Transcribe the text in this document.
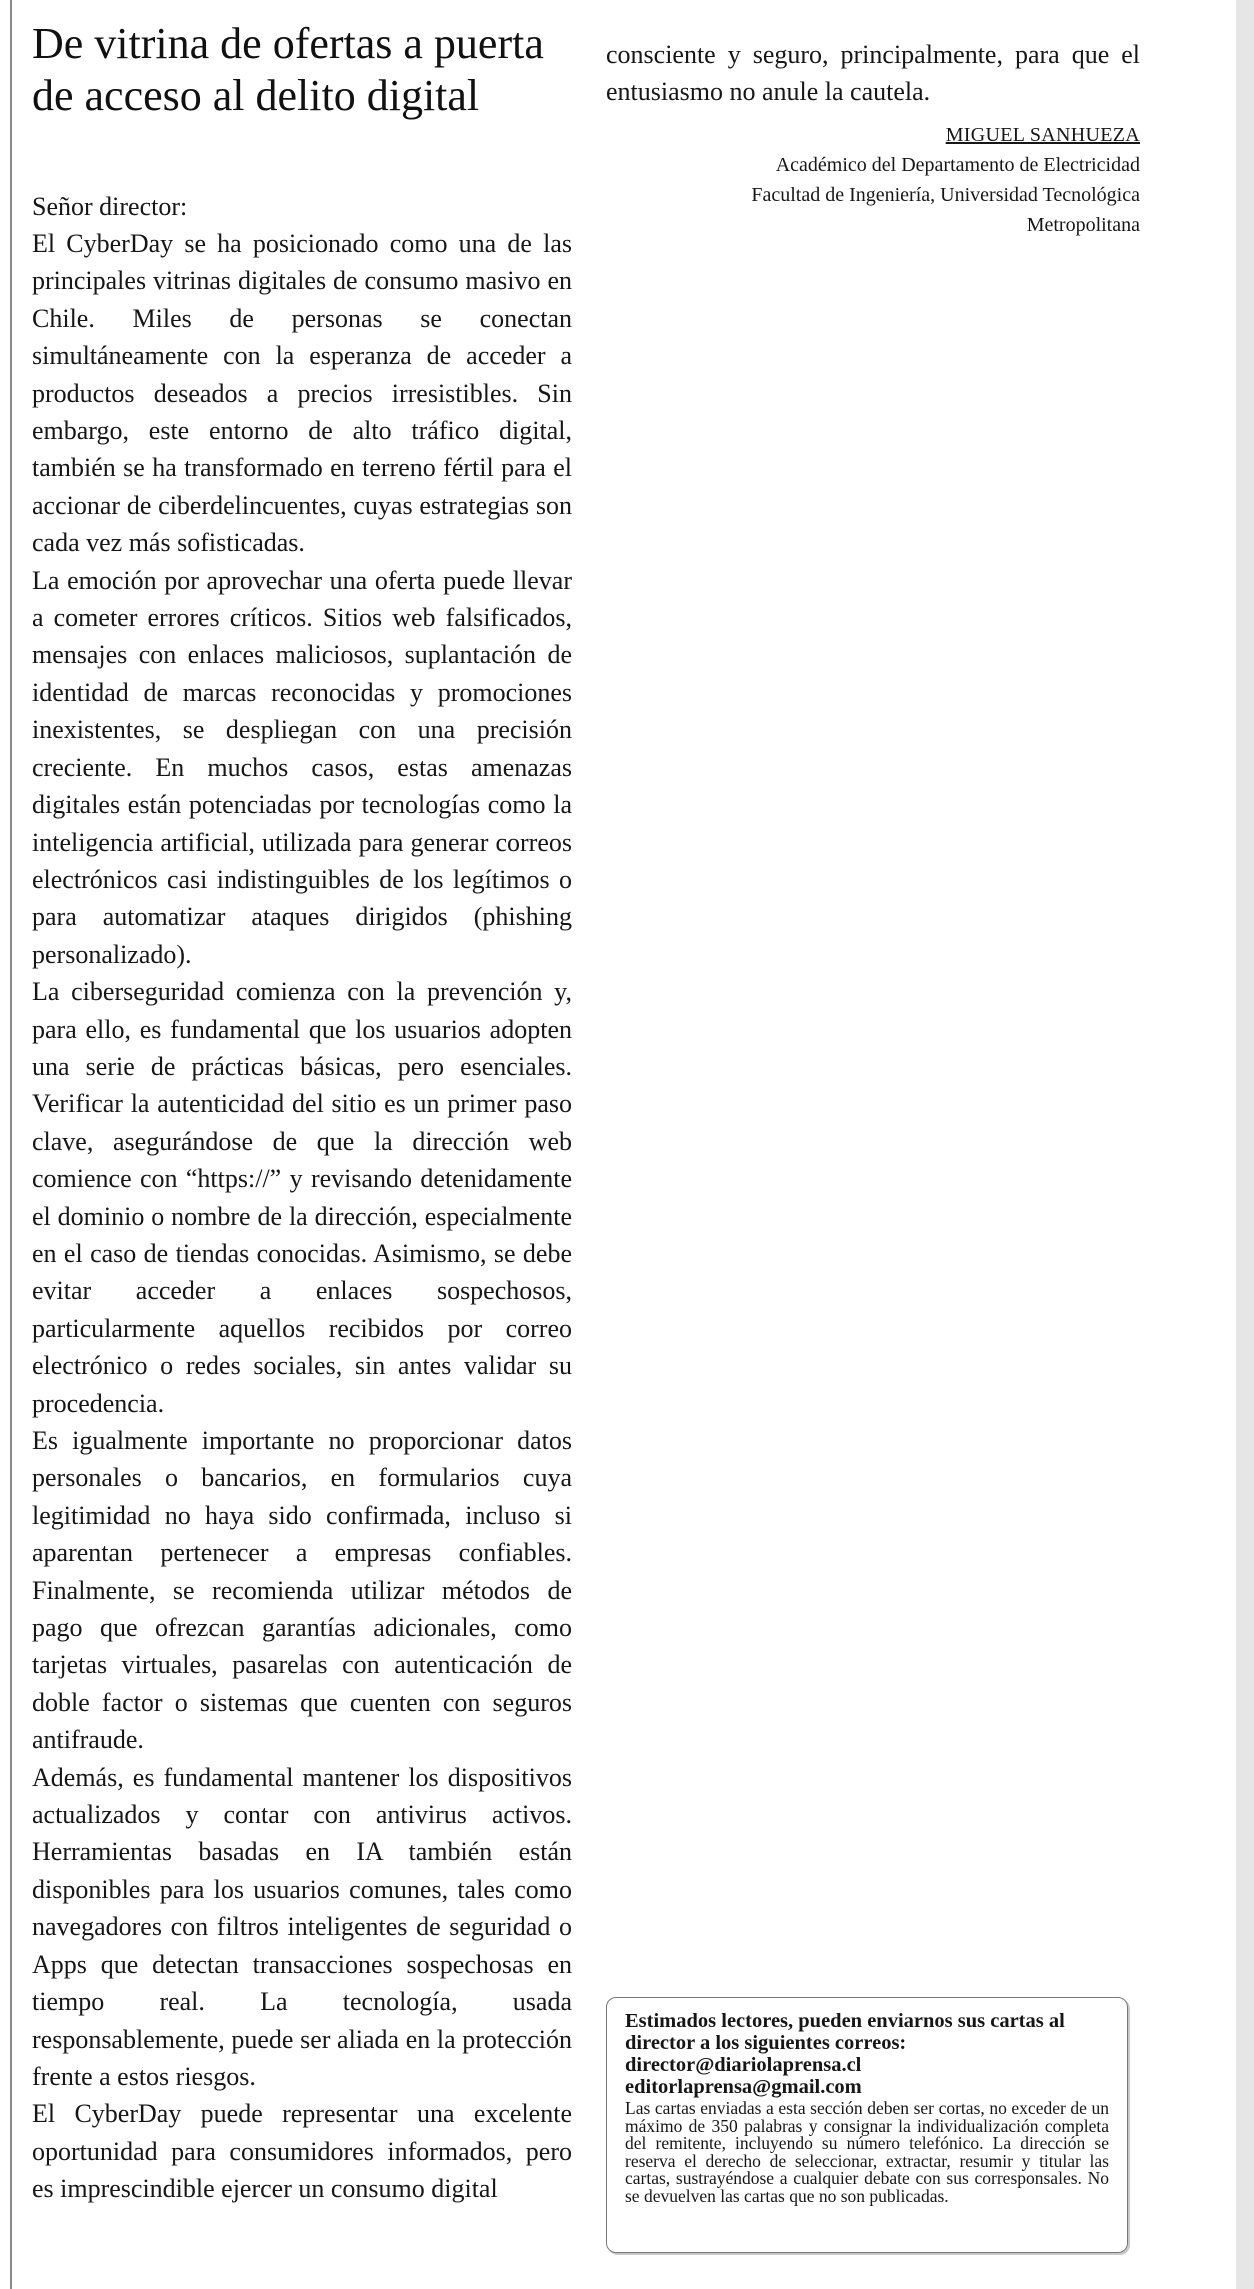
De vitrina de ofertas a puerta de acceso al delito digital

Señor director:

El CyberDay se ha posicionado como una de las principales vitrinas digitales de consumo masivo en Chile. Miles de personas se conectan simultáneamente con la esperanza de acceder a productos deseados a precios irresistibles. Sin embargo, este entorno de alto tráfico digital, también se ha transformado en terreno fértil para el accionar de ciberdelincuentes, cuyas estrategias son cada vez más sofisticadas.

La emoción por aprovechar una oferta puede llevar a cometer errores críticos. Sitios web falsificados, mensajes con enlaces maliciosos, suplantación de identidad de marcas reconocidas y promociones inexistentes, se despliegan con una precisión creciente. En muchos casos, estas amenazas digitales están potenciadas por tecnologías como la inteligencia artificial, utilizada para generar correos electrónicos casi indistinguibles de los legítimos o para automatizar ataques dirigidos (phishing personalizado).

La ciberseguridad comienza con la prevención y, para ello, es fundamental que los usuarios adopten una serie de prácticas básicas, pero esenciales. Verificar la autenticidad del sitio es un primer paso clave, asegurándose de que la dirección web comience con “https://” y revisando detenidamente el dominio o nombre de la dirección, especialmente en el caso de tiendas conocidas. Asimismo, se debe evitar acceder a enlaces sospechosos, particularmente aquellos recibidos por correo electrónico o redes sociales, sin antes validar su procedencia.

Es igualmente importante no proporcionar datos personales o bancarios, en formularios cuya legitimidad no haya sido confirmada, incluso si aparentan pertenecer a empresas confiables. Finalmente, se recomienda utilizar métodos de pago que ofrezcan garantías adicionales, como tarjetas virtuales, pasarelas con autenticación de doble factor o sistemas que cuenten con seguros antifraude.

Además, es fundamental mantener los dispositivos actualizados y contar con antivirus activos. Herramientas basadas en IA también están disponibles para los usuarios comunes, tales como navegadores con filtros inteligentes de seguridad o Apps que detectan transacciones sospechosas en tiempo real. La tecnología, usada responsablemente, puede ser aliada en la protección frente a estos riesgos.

El CyberDay puede representar una excelente oportunidad para consumidores informados, pero es imprescindible ejercer un consumo digital

consciente y seguro, principalmente, para que el entusiasmo no anule la cautela.

MIGUEL SANHUEZA
Académico del Departamento de Electricidad
Facultad de Ingeniería, Universidad Tecnológica
Metropolitana

Estimados lectores, pueden enviarnos sus cartas al director a los siguientes correos:

director@diariolaprensa.cl
editorlaprensa@gmail.com

Las cartas enviadas a esta sección deben ser cortas, no exceder de un máximo de 350 palabras y consignar la individualización completa del remitente, incluyendo su número telefónico. La dirección se reserva el derecho de seleccionar, extractar, resumir y titular las cartas, sustrayéndose a cualquier debate con sus corresponsales. No se devuelven las cartas que no son publicadas.
